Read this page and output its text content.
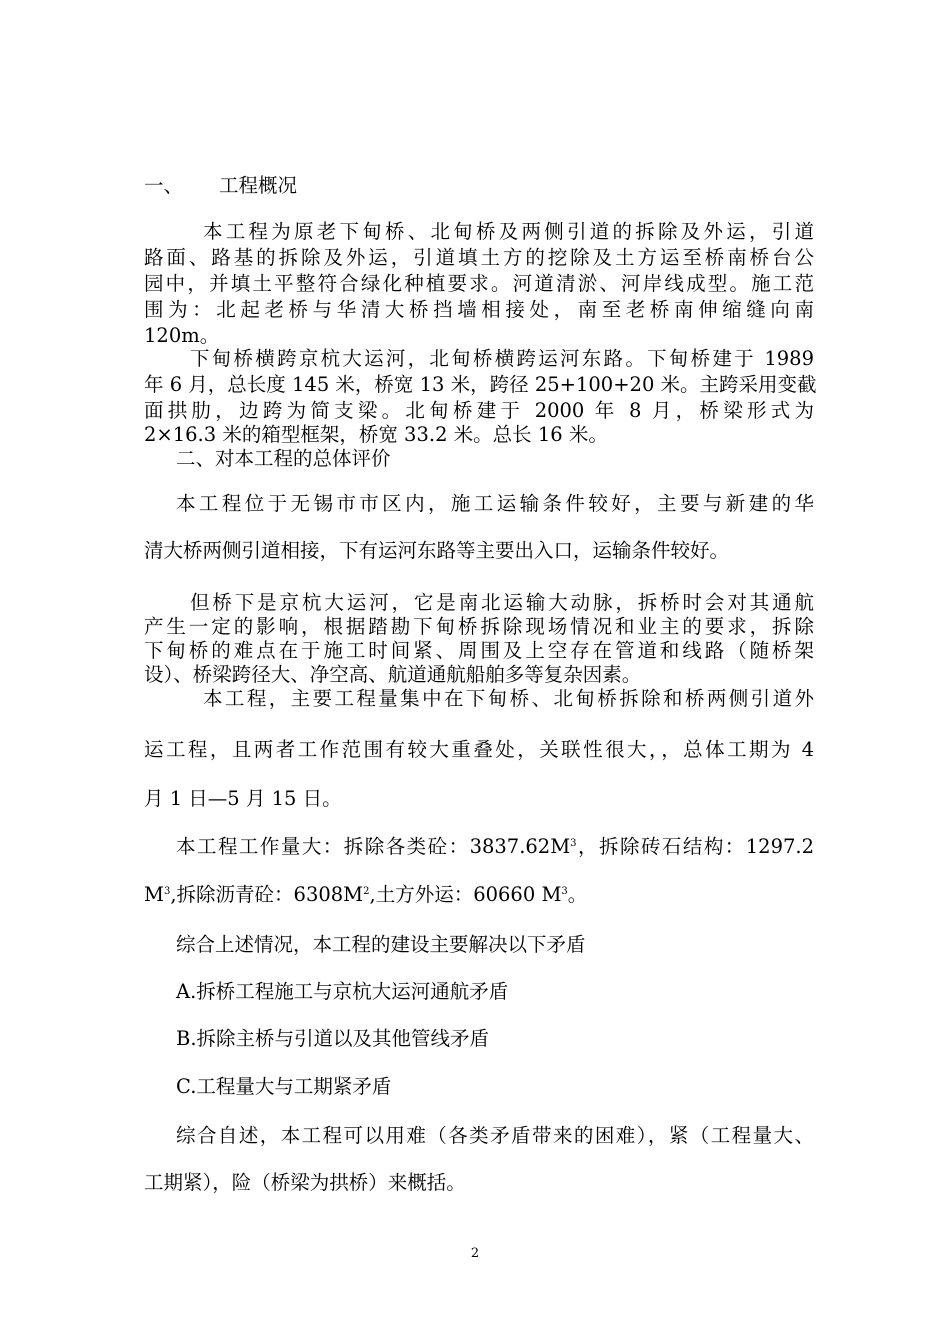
一、 工程概况
本工程为原老下甸桥、北甸桥及两侧引道的拆除及外运，引道
路面、路基的拆除及外运，引道填土方的挖除及土方运至桥南桥台公
园中，并填土平整符合绿化种植要求。河道清淤、河岸线成型。施工范
围为：北起老桥与华清大桥挡墙相接处，南至老桥南伸缩缝向南
120m。
下甸桥横跨京杭大运河，北甸桥横跨运河东路。下甸桥建于 1989
年 6 月，总长度 145 米，桥宽 13 米，跨径 25+100+20 米。主跨采用变截
面拱肋，边跨为简支梁。北甸桥建于 2000 年 8 月，桥梁形式为
2×16.3 米的箱型框架，桥宽 33.2 米。总长 16 米。
二、对本工程的总体评价
本工程位于无锡市市区内，施工运输条件较好，主要与新建的华
清大桥两侧引道相接，下有运河东路等主要出入口，运输条件较好。
但桥下是京杭大运河，它是南北运输大动脉，拆桥时会对其通航
产生一定的影响，根据踏勘下甸桥拆除现场情况和业主的要求，拆除
下甸桥的难点在于施工时间紧、周围及上空存在管道和线路（随桥架
设）、桥梁跨径大、净空高、航道通航船舶多等复杂因素。
本工程，主要工程量集中在下甸桥、北甸桥拆除和桥两侧引道外
运工程，且两者工作范围有较大重叠处，关联性很大，，总体工期为 4
月 1 日—5 月 15 日。
本工程工作量大：拆除各类砼：$3837.62M^3$，拆除砖石结构：1297.2
$M^3$,拆除沥青砼：$6308M^2$,土方外运：60660 $M^3$。
综合上述情况，本工程的建设主要解决以下矛盾
A.拆桥工程施工与京杭大运河通航矛盾
B.拆除主桥与引道以及其他管线矛盾
C.工程量大与工期紧矛盾
综合自述，本工程可以用难（各类矛盾带来的困难），紧（工程量大、
工期紧），险（桥梁为拱桥）来概括。
2
